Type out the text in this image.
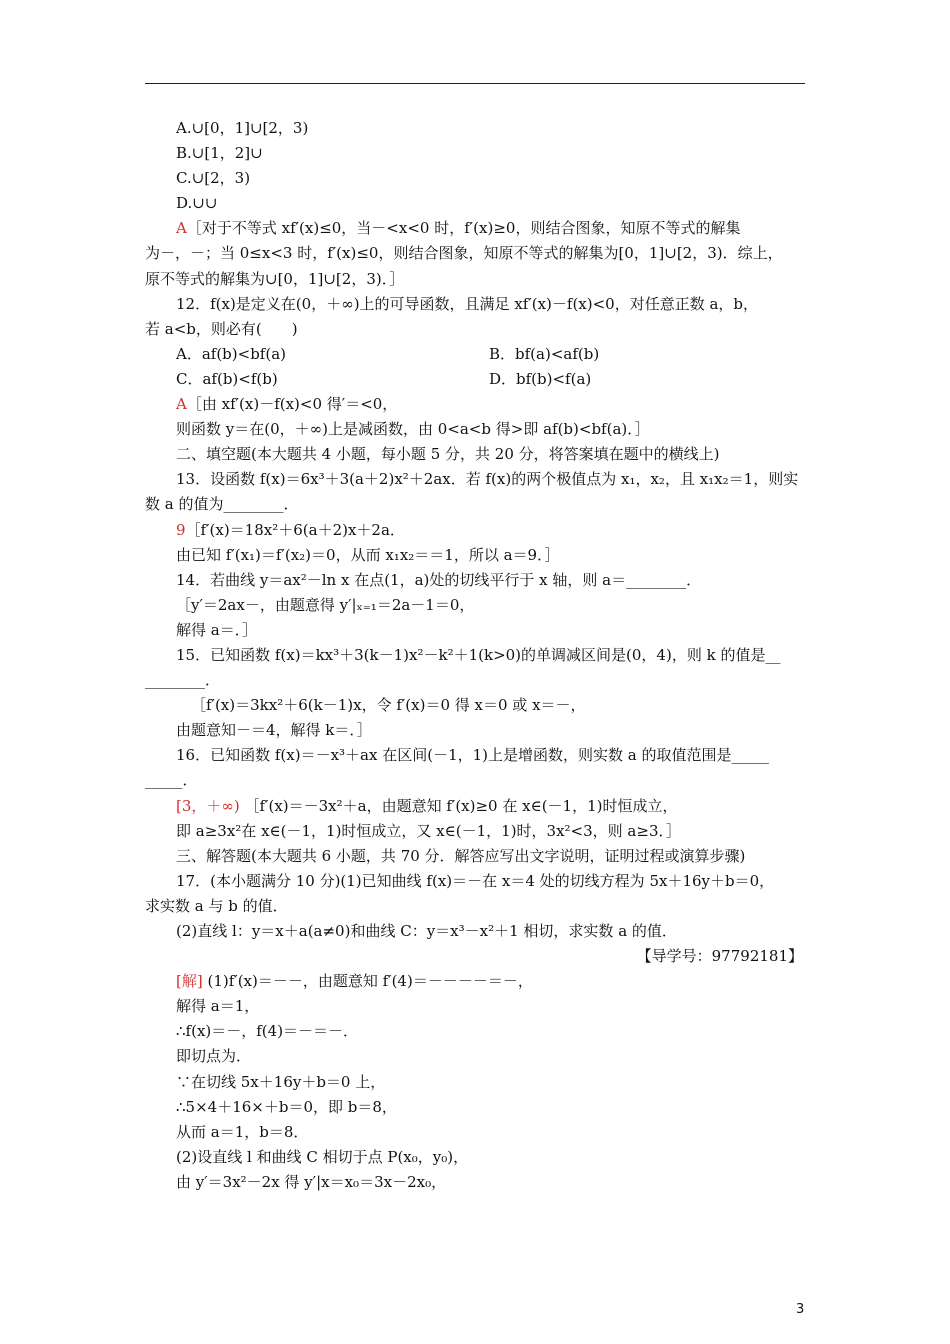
A.∪[0，1]∪[2，3)
B.∪[1，2]∪
C.∪[2，3)
D.∪∪
A［对于不等式 xf′(x)≤0，当－<x<0 时，f′(x)≥0，则结合图象，知原不等式的解集
为－，－；当 0≤x<3 时，f′(x)≤0，则结合图象，知原不等式的解集为[0，1]∪[2，3)．综上，
原不等式的解集为∪[0，1]∪[2，3)．］
12．f(x)是定义在(0，＋∞)上的可导函数，且满足 xf′(x)－f(x)<0，对任意正数 a，b，
若 a<b，则必有(　　)
A．af(b)<bf(a)	B．bf(a)<af(b)
C．af(b)<f(b)	D．bf(b)<f(a)
A［由 xf′(x)－f(x)<0 得′＝<0，
则函数 y＝在(0，＋∞)上是减函数，由 0<a<b 得>即 af(b)<bf(a)．］
二、填空题(本大题共 4 小题，每小题 5 分，共 20 分，将答案填在题中的横线上)
13．设函数 f(x)＝6x³＋3(a＋2)x²＋2ax．若 f(x)的两个极值点为 x₁，x₂，且 x₁x₂＝1，则实
数 a 的值为________．
9［f′(x)＝18x²＋6(a＋2)x＋2a．
由已知 f′(x₁)＝f′(x₂)＝0，从而 x₁x₂＝＝1，所以 a＝9．］
14．若曲线 y＝ax²－ln x 在点(1，a)处的切线平行于 x 轴，则 a＝________．
［y′＝2ax－，由题意得 y′|ₓ₌₁＝2a－1＝0，
解得 a＝．］
15．已知函数 f(x)＝kx³＋3(k－1)x²－k²＋1(k>0)的单调减区间是(0，4)，则 k 的值是__
________．
［f′(x)＝3kx²＋6(k－1)x，令 f′(x)＝0 得 x＝0 或 x＝－，
由题意知－＝4，解得 k＝．］
16．已知函数 f(x)＝－x³＋ax 在区间(－1，1)上是增函数，则实数 a 的取值范围是_____
_____．
[3，＋∞) ［f′(x)＝－3x²＋a，由题意知 f′(x)≥0 在 x∈(－1，1)时恒成立，
即 a≥3x²在 x∈(－1，1)时恒成立，又 x∈(－1，1)时，3x²<3，则 a≥3．］
三、解答题(本大题共 6 小题，共 70 分．解答应写出文字说明，证明过程或演算步骤)
17．(本小题满分 10 分)(1)已知曲线 f(x)＝－在 x＝4 处的切线方程为 5x＋16y＋b＝0，
求实数 a 与 b 的值．
(2)直线 l：y＝x＋a(a≠0)和曲线 C：y＝x³－x²＋1 相切，求实数 a 的值．
【导学号：97792181】
[解] (1)f′(x)＝－－，由题意知 f′(4)＝－－－－＝－，
解得 a＝1，
∴f(x)＝－，f(4)＝－＝－．
即切点为．
∵在切线 5x＋16y＋b＝0 上，
∴5×4＋16×＋b＝0，即 b＝8，
从而 a＝1，b＝8．
(2)设直线 l 和曲线 C 相切于点 P(x₀，y₀)，
由 y′＝3x²－2x 得 y′|x＝x₀＝3x－2x₀，
3
